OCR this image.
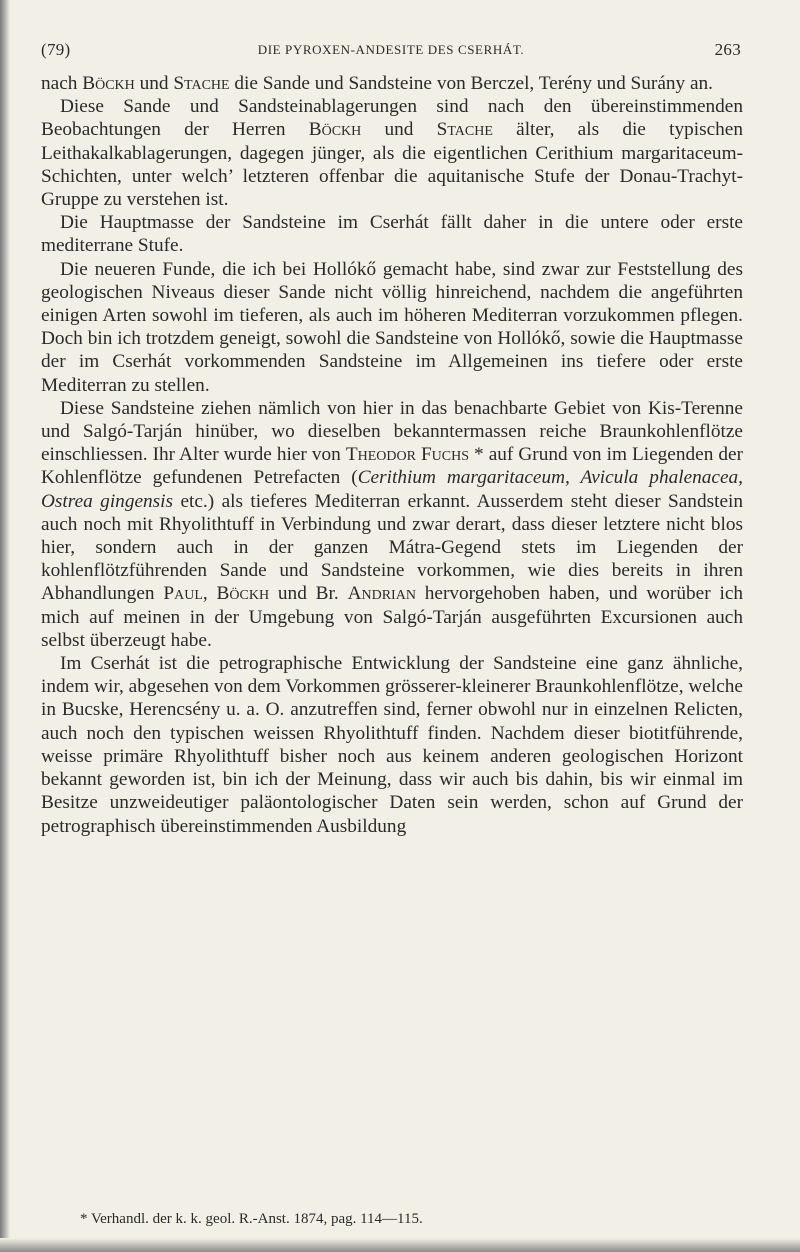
(79)	DIE PYROXEN-ANDESITE DES CSERHÁT.	263

nach Böckh und Stache die Sande und Sandsteine von Berczel, Terény und Surány an.

Diese Sande und Sandsteinablagerungen sind nach den übereinstimmenden Beobachtungen der Herren Böckh und Stache älter, als die typischen Leithakalkablagerungen, dagegen jünger, als die eigentlichen Cerithium margaritaceum-Schichten, unter welch’ letzteren offenbar die aquitanische Stufe der Donau-Trachyt-Gruppe zu verstehen ist.

Die Hauptmasse der Sandsteine im Cserhát fällt daher in die untere oder erste mediterrane Stufe.

Die neueren Funde, die ich bei Hollókő gemacht habe, sind zwar zur Feststellung des geologischen Niveaus dieser Sande nicht völlig hinreichend, nachdem die angeführten einigen Arten sowohl im tieferen, als auch im höheren Mediterran vorzukommen pflegen. Doch bin ich trotzdem geneigt, sowohl die Sandsteine von Hollókő, sowie die Hauptmasse der im Cserhát vorkommenden Sandsteine im Allgemeinen ins tiefere oder erste Mediterran zu stellen.

Diese Sandsteine ziehen nämlich von hier in das benachbarte Gebiet von Kis-Terenne und Salgó-Tarján hinüber, wo dieselben bekanntermassen reiche Braunkohlenflötze einschliessen. Ihr Alter wurde hier von Theodor Fuchs * auf Grund von im Liegenden der Kohlenflötze gefundenen Petrefacten (Cerithium margaritaceum, Avicula phalenacea, Ostrea gingensis etc.) als tieferes Mediterran erkannt. Ausserdem steht dieser Sandstein auch noch mit Rhyolithtuff in Verbindung und zwar derart, dass dieser letztere nicht blos hier, sondern auch in der ganzen Mátra-Gegend stets im Liegenden der kohlenflötzführenden Sande und Sandsteine vorkommen, wie dies bereits in ihren Abhandlungen Paul, Böckh und Br. Andrian hervorgehoben haben, und worüber ich mich auf meinen in der Umgebung von Salgó-Tarján ausgeführten Excursionen auch selbst überzeugt habe.

Im Cserhát ist die petrographische Entwicklung der Sandsteine eine ganz ähnliche, indem wir, abgesehen von dem Vorkommen grösserer-kleinerer Braunkohlenflötze, welche in Bucske, Herencsény u. a. O. anzutreffen sind, ferner obwohl nur in einzelnen Relicten, auch noch den typischen weissen Rhyolithtuff finden. Nachdem dieser biotitführende, weisse primäre Rhyolithtuff bisher noch aus keinem anderen geologischen Horizont bekannt geworden ist, bin ich der Meinung, dass wir auch bis dahin, bis wir einmal im Besitze unzweideutiger paläontologischer Daten sein werden, schon auf Grund der petrographisch übereinstimmenden Ausbildung

* Verhandl. der k. k. geol. R.-Anst. 1874, pag. 114—115.
